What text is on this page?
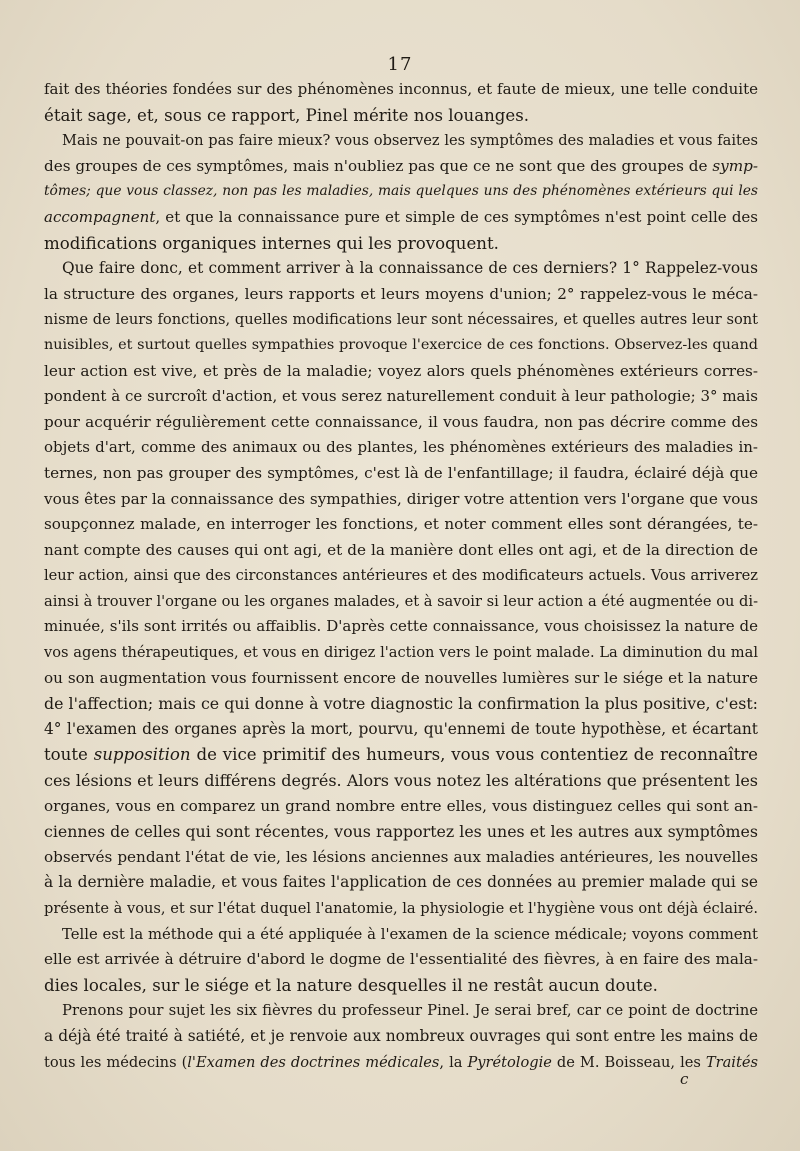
17
fait des théories fondées sur des phénomènes inconnus, et faute de mieux, une telle conduite
était sage, et, sous ce rapport, Pinel mérite nos louanges.
Mais ne pouvait-on pas faire mieux? vous observez les symptômes des maladies et vous faites
des groupes de ces symptômes, mais n'oubliez pas que ce ne sont que des groupes de symp-
tômes; que vous classez, non pas les maladies, mais quelques uns des phénomènes extérieurs qui les
accompagnent, et que la connaissance pure et simple de ces symptômes n'est point celle des
modifications organiques internes qui les provoquent.
Que faire donc, et comment arriver à la connaissance de ces derniers? 1° Rappelez-vous
la structure des organes, leurs rapports et leurs moyens d'union; 2° rappelez-vous le méca-
nisme de leurs fonctions, quelles modifications leur sont nécessaires, et quelles autres leur sont
nuisibles, et surtout quelles sympathies provoque l'exercice de ces fonctions. Observez-les quand
leur action est vive, et près de la maladie; voyez alors quels phénomènes extérieurs corres-
pondent à ce surcroît d'action, et vous serez naturellement conduit à leur pathologie; 3° mais
pour acquérir régulièrement cette connaissance, il vous faudra, non pas décrire comme des
objets d'art, comme des animaux ou des plantes, les phénomènes extérieurs des maladies in-
ternes, non pas grouper des symptômes, c'est là de l'enfantillage; il faudra, éclairé déjà que
vous êtes par la connaissance des sympathies, diriger votre attention vers l'organe que vous
soupçonnez malade, en interroger les fonctions, et noter comment elles sont dérangées, te-
nant compte des causes qui ont agi, et de la manière dont elles ont agi, et de la direction de
leur action, ainsi que des circonstances antérieures et des modificateurs actuels. Vous arriverez
ainsi à trouver l'organe ou les organes malades, et à savoir si leur action a été augmentée ou di-
minuée, s'ils sont irrités ou affaiblis. D'après cette connaissance, vous choisissez la nature de
vos agens thérapeutiques, et vous en dirigez l'action vers le point malade. La diminution du mal
ou son augmentation vous fournissent encore de nouvelles lumières sur le siége et la nature
de l'affection; mais ce qui donne à votre diagnostic la confirmation la plus positive, c'est:
4° l'examen des organes après la mort, pourvu, qu'ennemi de toute hypothèse, et écartant
toute supposition de vice primitif des humeurs, vous vous contentiez de reconnaître
ces lésions et leurs différens degrés. Alors vous notez les altérations que présentent les
organes, vous en comparez un grand nombre entre elles, vous distinguez celles qui sont an-
ciennes de celles qui sont récentes, vous rapportez les unes et les autres aux symptômes
observés pendant l'état de vie, les lésions anciennes aux maladies antérieures, les nouvelles
à la dernière maladie, et vous faites l'application de ces données au premier malade qui se
présente à vous, et sur l'état duquel l'anatomie, la physiologie et l'hygiène vous ont déjà éclairé.
Telle est la méthode qui a été appliquée à l'examen de la science médicale; voyons comment
elle est arrivée à détruire d'abord le dogme de l'essentialité des fièvres, à en faire des mala-
dies locales, sur le siége et la nature desquelles il ne restât aucun doute.
Prenons pour sujet les six fièvres du professeur Pinel. Je serai bref, car ce point de doctrine
a déjà été traité à satiété, et je renvoie aux nombreux ouvrages qui sont entre les mains de
tous les médecins (l'Examen des doctrines médicales, la Pyrétologie de M. Boisseau, les Traités
c
